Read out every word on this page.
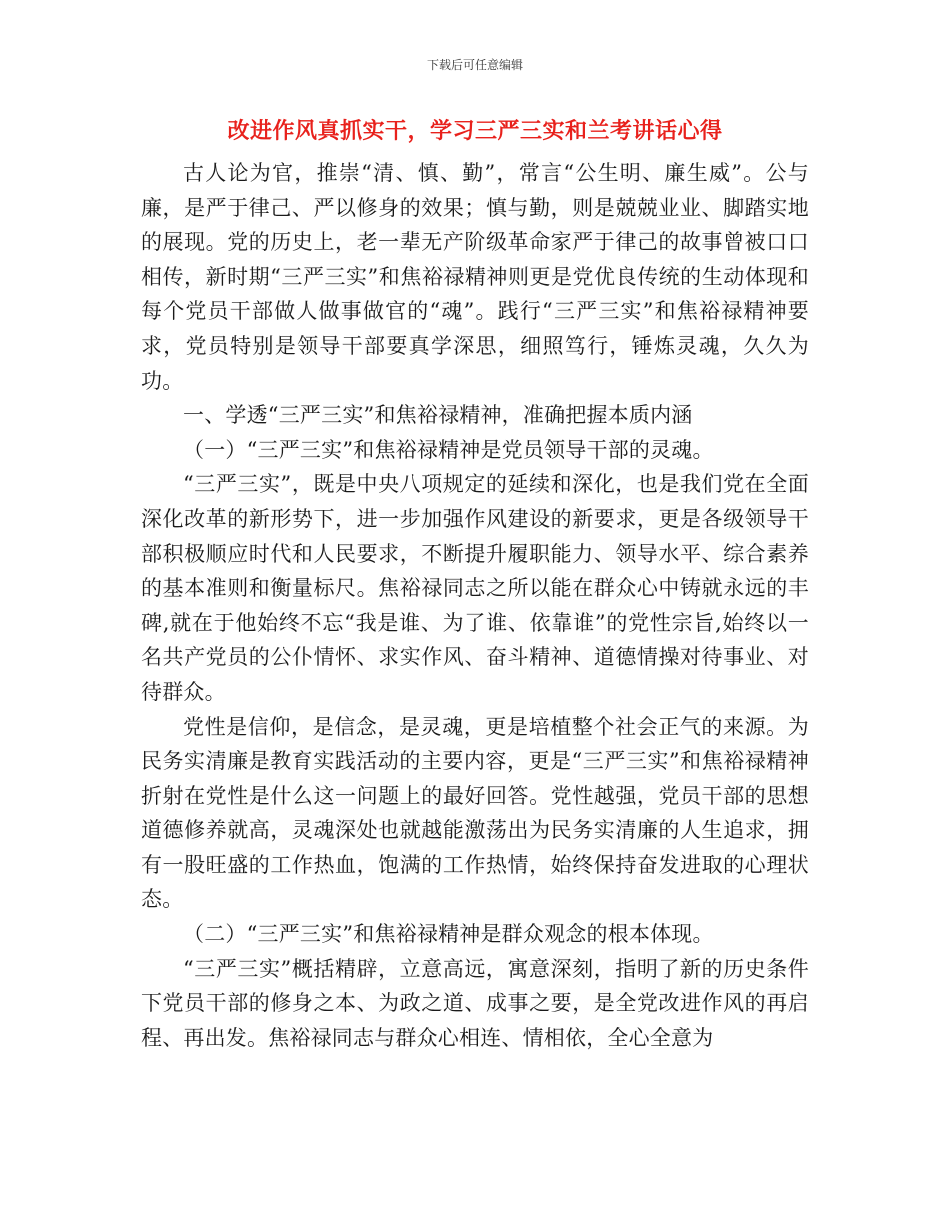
下载后可任意编辑
改进作风真抓实干，学习三严三实和兰考讲话心得

古人论为官，推崇“清、慎、勤”，常言“公生明、廉生威”。公与廉，是严于律己、严以修身的效果；慎与勤，则是兢兢业业、脚踏实地的展现。党的历史上，老一辈无产阶级革命家严于律己的故事曾被口口相传，新时期“三严三实”和焦裕禄精神则更是党优良传统的生动体现和每个党员干部做人做事做官的“魂”。践行“三严三实”和焦裕禄精神要求，党员特别是领导干部要真学深思，细照笃行，锤炼灵魂，久久为功。

一、学透“三严三实”和焦裕禄精神，准确把握本质内涵

（一）“三严三实”和焦裕禄精神是党员领导干部的灵魂。

“三严三实”，既是中央八项规定的延续和深化，也是我们党在全面深化改革的新形势下，进一步加强作风建设的新要求，更是各级领导干部积极顺应时代和人民要求，不断提升履职能力、领导水平、综合素养的基本准则和衡量标尺。焦裕禄同志之所以能在群众心中铸就永远的丰碑,就在于他始终不忘“我是谁、为了谁、依靠谁”的党性宗旨,始终以一名共产党员的公仆情怀、求实作风、奋斗精神、道德情操对待事业、对待群众。

党性是信仰，是信念，是灵魂，更是培植整个社会正气的来源。为民务实清廉是教育实践活动的主要内容，更是“三严三实”和焦裕禄精神折射在党性是什么这一问题上的最好回答。党性越强，党员干部的思想道德修养就高，灵魂深处也就越能激荡出为民务实清廉的人生追求，拥有一股旺盛的工作热血，饱满的工作热情，始终保持奋发进取的心理状态。

（二）“三严三实”和焦裕禄精神是群众观念的根本体现。

“三严三实”概括精辟，立意高远，寓意深刻，指明了新的历史条件下党员干部的修身之本、为政之道、成事之要，是全党改进作风的再启程、再出发。焦裕禄同志与群众心相连、情相依，全心全意为
